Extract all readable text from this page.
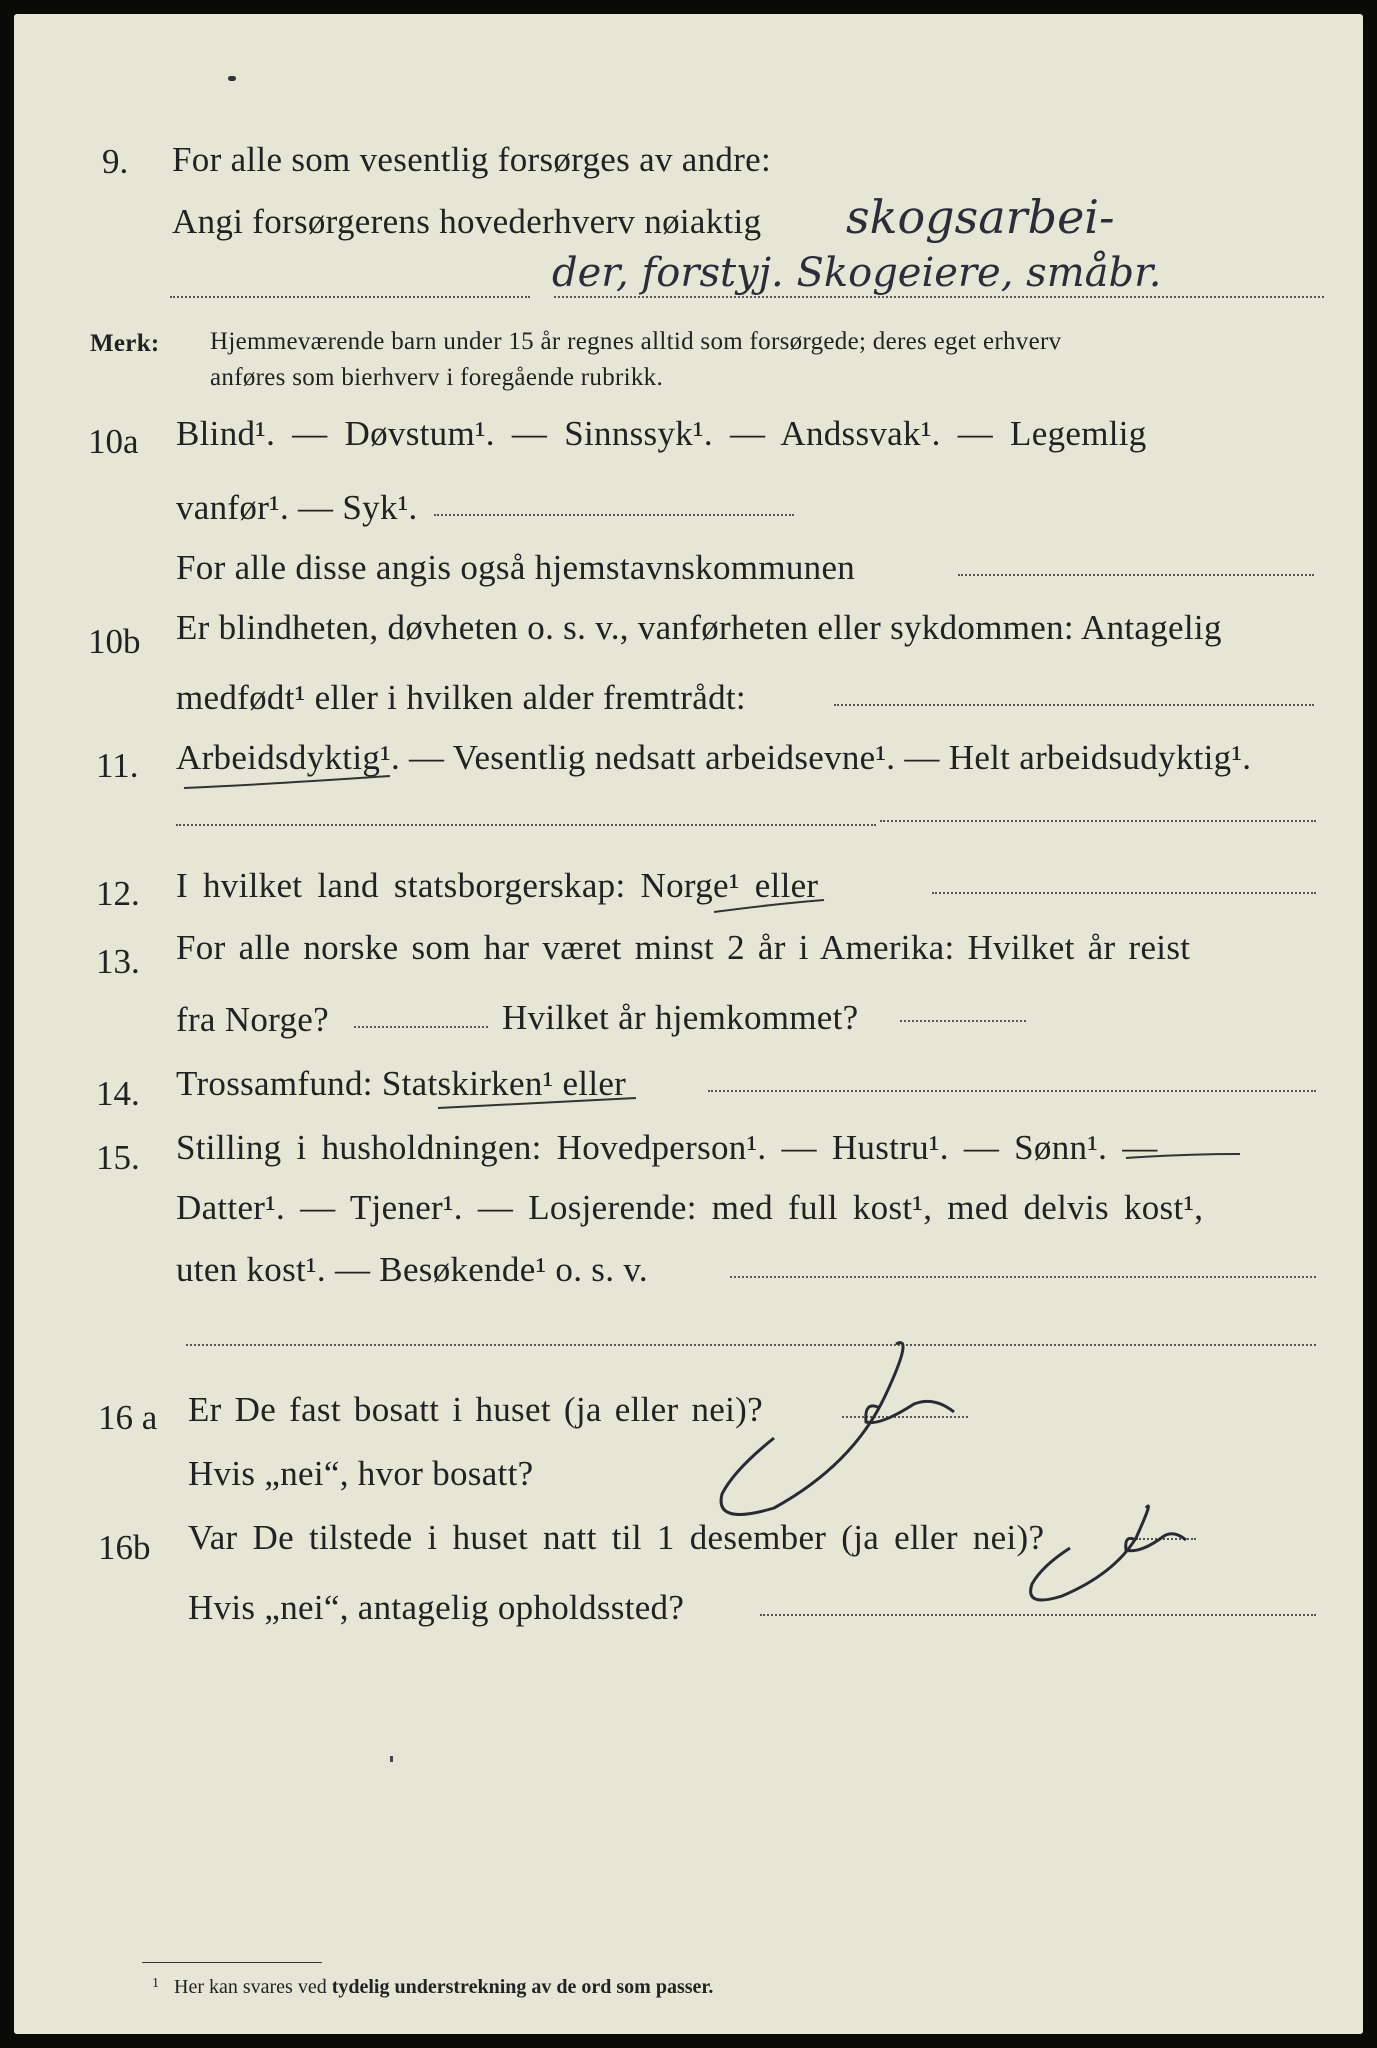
9. For alle som vesentlig forsørges av andre:
Angi forsørgerens hovederhverv nøiaktig skogsarbei-
der, forstyj. Skogeiere, småbr.
Merk: Hjemmeværende barn under 15 år regnes alltid som forsørgede; deres eget erhverv
anføres som bierhverv i foregående rubrikk.
10a Blind¹. — Døvstum¹. — Sinnssyk¹. — Andssvak¹. — Legemlig
vanfør¹. — Syk¹.
For alle disse angis også hjemstavnskommunen
10b Er blindheten, døvheten o. s. v., vanførheten eller sykdommen: Antagelig
medfødt¹ eller i hvilken alder fremtrådt:
11. Arbeidsdyktig¹. — Vesentlig nedsatt arbeidsevne¹. — Helt arbeidsudyktig¹.
12. I hvilket land statsborgerskap: Norge¹ eller
13. For alle norske som har været minst 2 år i Amerika: Hvilket år reist
fra Norge?	Hvilket år hjemkommet?
14. Trossamfund: Statskirken¹ eller
15. Stilling i husholdningen: Hovedperson¹. — Hustru¹. — Sønn¹. —
Datter¹. — Tjener¹. — Losjerende: med full kost¹, med delvis kost¹,
uten kost¹. — Besøkende¹ o. s. v.
16 a Er De fast bosatt i huset (ja eller nei)?
Hvis „nei“, hvor bosatt?
16b Var De tilstede i huset natt til 1 desember (ja eller nei)?
Hvis „nei“, antagelig opholdssted?
$^1$ Her kan svares ved tydelig understrekning av de ord som passer.
